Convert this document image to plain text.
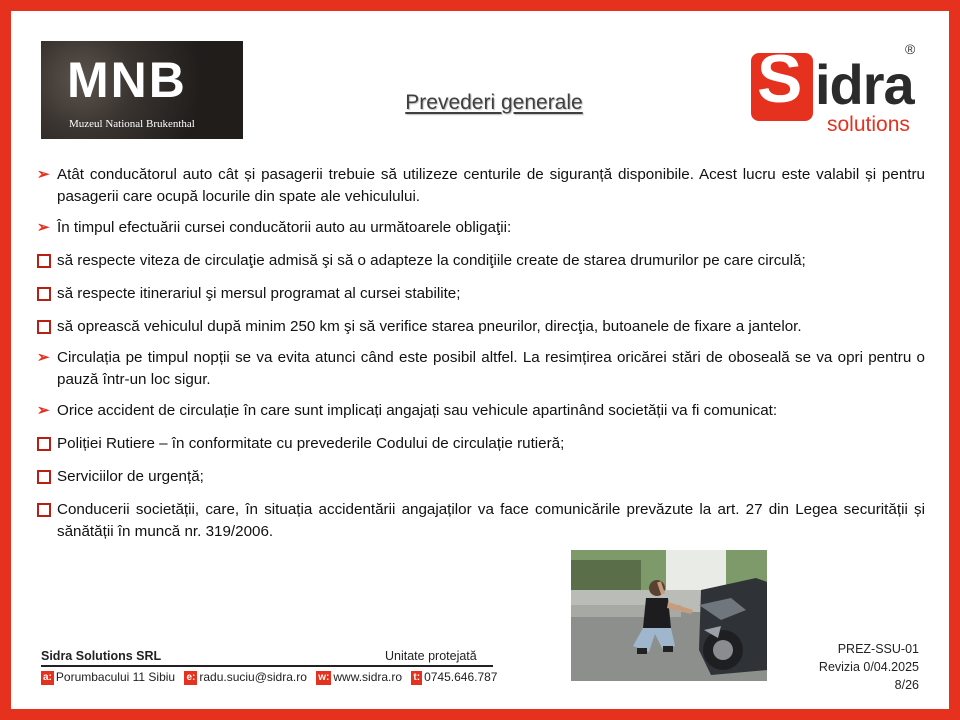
MNB
Muzeul National Brukenthal
S idra
®
solutions
Prevederi generale
➢ Atât conducătorul auto cât și pasagerii trebuie să utilizeze centurile de siguranță disponibile. Acest lucru este valabil și pentru pasagerii care ocupă locurile din spate ale vehiculului.
➢ În timpul efectuării cursei conducătorii auto au următoarele obligaţii:
să respecte viteza de circulaţie admisă şi să o adapteze la condiţiile create de starea drumurilor pe care circulă;
să respecte itinerariul şi mersul programat al cursei stabilite;
să oprească vehiculul după minim 250 km şi să verifice starea pneurilor, direcţia, butoanele de fixare a jantelor.
➢ Circulația pe timpul nopții se va evita atunci când este posibil altfel. La resimțirea oricărei stări de oboseală se va opri pentru o pauză într-un loc sigur.
➢ Orice accident de circulație în care sunt implicați angajați sau vehicule apartinând societății va fi comunicat:
Poliției Rutiere – în conformitate cu prevederile Codului de circulație rutieră;
Serviciilor de urgență;
Conducerii societății, care, în situația accidentării angajaților va face comunicările prevăzute la art. 27 din Legea securității și sănătății în muncă nr. 319/2006.
Sidra Solutions SRL	Unitate protejată
a: Porumbacului 11 Sibiu e: radu.suciu@sidra.ro w: www.sidra.ro t: 0745.646.787
PREZ-SSU-01
Revizia 0/04.2025
8/26
